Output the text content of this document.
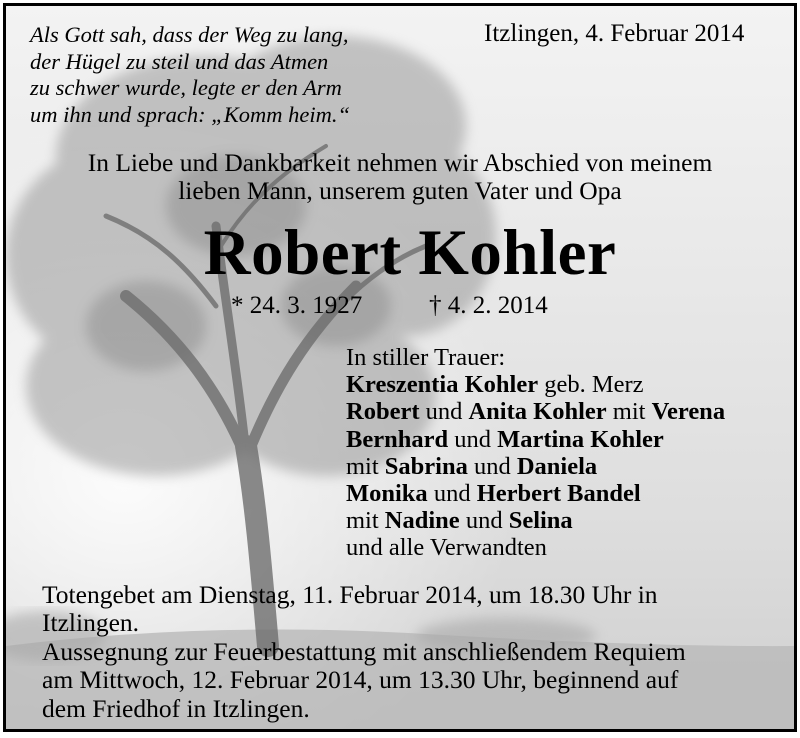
Als Gott sah, dass der Weg zu lang,
der Hügel zu steil und das Atmen
zu schwer wurde, legte er den Arm
um ihn und sprach: „Komm heim.“
Itzlingen, 4. Februar 2014
In Liebe und Dankbarkeit nehmen wir Abschied von meinem
lieben Mann, unserem guten Vater und Opa
Robert Kohler
* 24. 3. 1927	† 4. 2. 2014
In stiller Trauer:
Kreszentia Kohler geb. Merz
Robert und Anita Kohler mit Verena
Bernhard und Martina Kohler
mit Sabrina und Daniela
Monika und Herbert Bandel
mit Nadine und Selina
und alle Verwandten
Totengebet am Dienstag, 11. Februar 2014, um 18.30 Uhr in
Itzlingen.
Aussegnung zur Feuerbestattung mit anschließendem Requiem
am Mittwoch, 12. Februar 2014, um 13.30 Uhr, beginnend auf
dem Friedhof in Itzlingen.
